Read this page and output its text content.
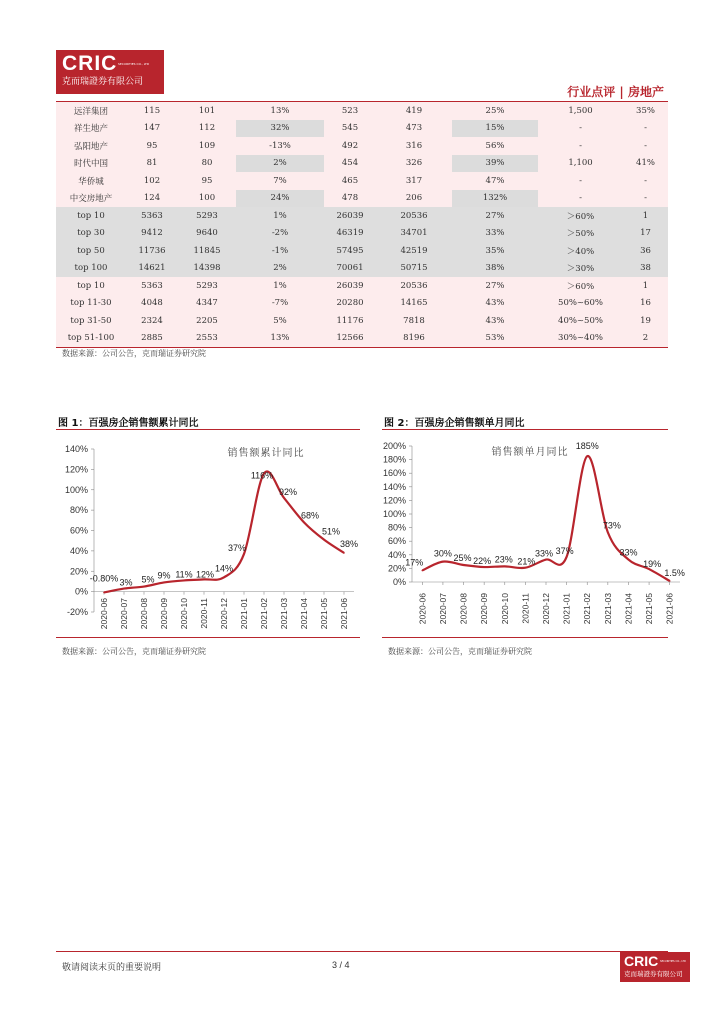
CRIC SECURITIES CO., LTD
克而瑞證券有限公司
行业点评 | 房地产
远洋集团	115	101	13%	523	419	25%	1,500	35%
祥生地产	147	112	32%	545	473	15%	-	-
弘阳地产	95	109	-13%	492	316	56%	-	-
时代中国	81	80	2%	454	326	39%	1,100	41%
华侨城	102	95	7%	465	317	47%	-	-
中交房地产	124	100	24%	478	206	132%	-	-
top 10	5363	5293	1%	26039	20536	27%	＞60%	1
top 30	9412	9640	-2%	46319	34701	33%	＞50%	17
top 50	11736	11845	-1%	57495	42519	35%	＞40%	36
top 100	14621	14398	2%	70061	50715	38%	＞30%	38
top 10	5363	5293	1%	26039	20536	27%	＞60%	1
top 11-30	4048	4347	-7%	20280	14165	43%	50%~60%	16
top 31-50	2324	2205	5%	11176	7818	43%	40%~50%	19
top 51-100	2885	2553	13%	12566	8196	53%	30%~40%	2
数据来源：公司公告，克而瑞证券研究院
图 1：百强房企销售额累计同比
-20%
0%
20%
40%
60%
80%
100%
120%
140%
2020-06 2020-07 2020-08 2020-09 2020-10 2020-11 2020-12 2021-01 2021-02 2021-03 2021-04 2021-05 2021-06
销售额累计同比
-0.80% 3% 5% 9% 11% 12%
14%
37%
116%
92%
68%
51%
38%
数据来源：公司公告，克而瑞证券研究院
图 2：百强房企销售额单月同比
0%
20%
40%
60%
80%
100%
120%
140%
160%
180%
200%
2020-06 2020-07 2020-08 2020-09 2020-10 2020-11 2020-12 2021-01 2021-02 2021-03 2021-04 2021-05 2021-06
销售额单月同比
17%
30% 25% 22% 23% 21%
33% 37%
185%
73%
33%
19%
1.5%
数据来源：公司公告，克而瑞证券研究院
敬请阅读末页的重要说明	3 / 4	CRIC SECURITIES CO., LTD
克而瑞證券有限公司
